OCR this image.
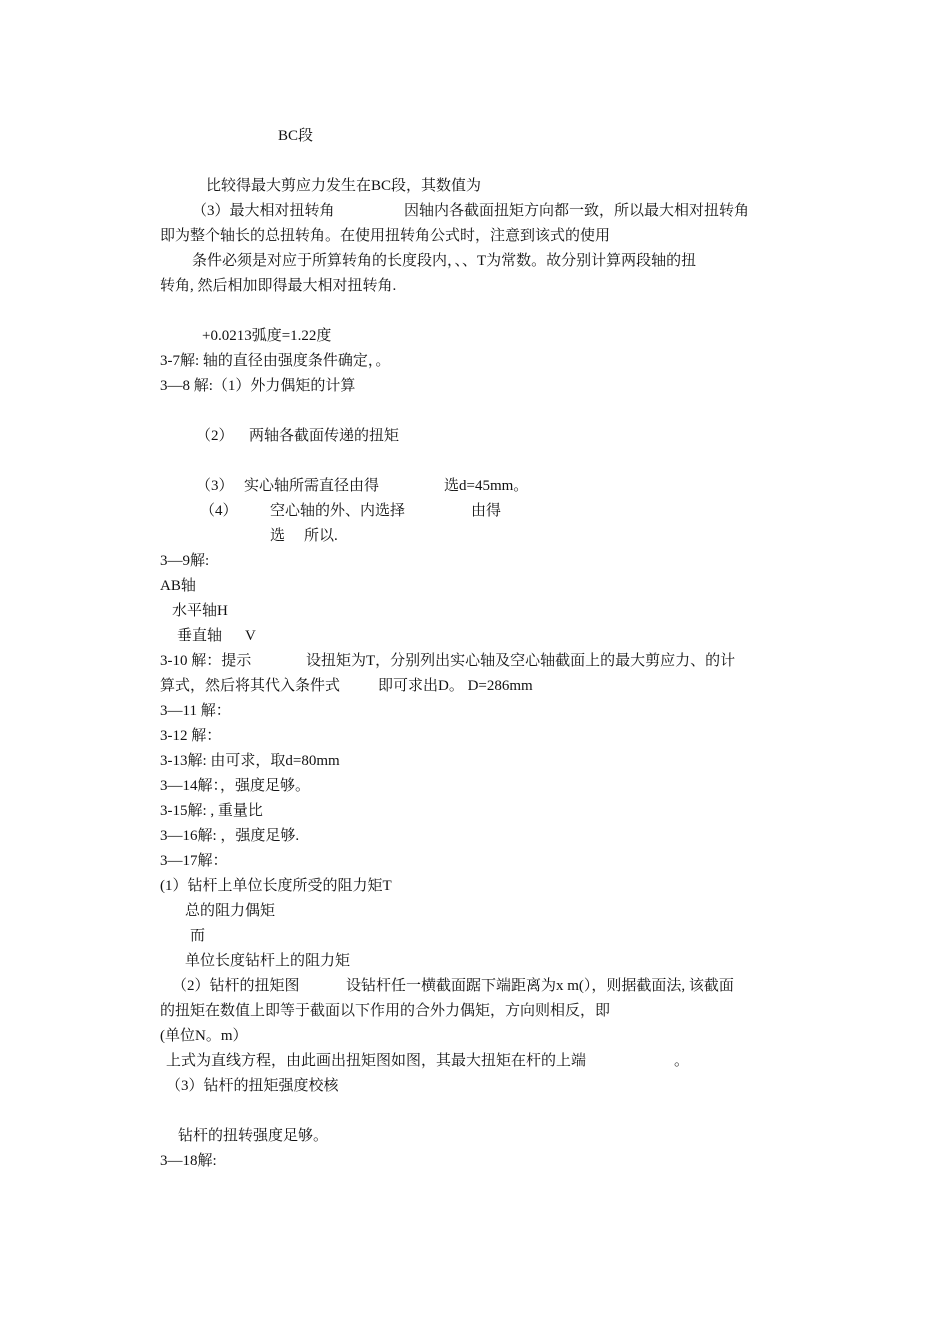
BC段
比较得最大剪应力发生在BC段，其数值为
（3）最大相对扭转角	因轴内各截面扭矩方向都一致，所以最大相对扭转角
即为整个轴长的总扭转角。在使用扭转角公式时，注意到该式的使用
条件必须是对应于所算转角的长度段内，、、T为常数。故分别计算两段轴的扭
转角, 然后相加即得最大相对扭转角.
+0.0213弧度=1.22度
3-7解: 轴的直径由强度条件确定，。
3—8 解:（1）外力偶矩的计算
（2） 两轴各截面传递的扭矩
（3） 实心轴所需直径由得	选d=45mm。
（4） 空心轴的外、内选择	由得
选 所以.
3—9解:
AB轴
水平轴H
垂直轴 V
3-10 解：提示	设扭矩为T，分别列出实心轴及空心轴截面上的最大剪应力、的计
算式，然后将其代入条件式	即可求出D。 D=286mm
3—11 解：
3-12 解：
3-13解: 由可求，取d=80mm
3—14解：，强度足够。
3-15解: , 重量比
3—16解: ，强度足够.
3—17解：
(1）钻杆上单位长度所受的阻力矩T
总的阻力偶矩
而
单位长度钻杆上的阻力矩
（2）钻杆的扭矩图	设钻杆任一横截面踞下端距离为x m(），则据截面法, 该截面
的扭矩在数值上即等于截面以下作用的合外力偶矩，方向则相反，即
(单位N。m）
上式为直线方程，由此画出扭矩图如图，其最大扭矩在杆的上端	。
（3）钻杆的扭矩强度校核
钻杆的扭转强度足够。
3—18解:
